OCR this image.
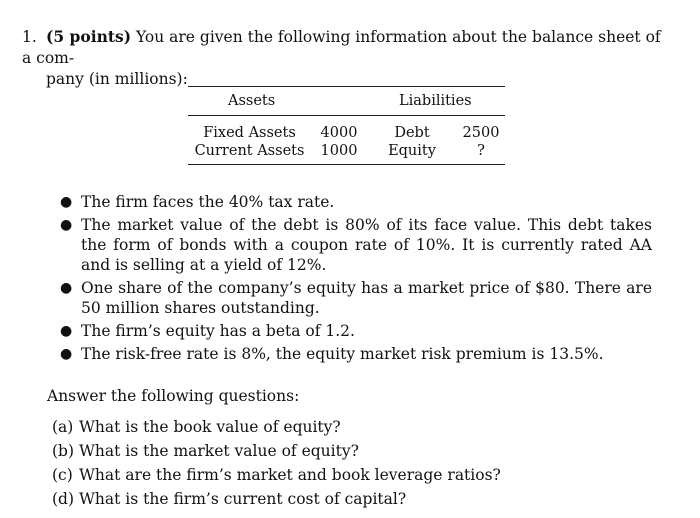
1. (5 points) You are given the following information about the balance sheet of a com-
pany (in millions):
Assets		Liabilities	

Fixed Assets	4000	Debt	2500
Current Assets	1000	Equity	?
● The firm faces the 40% tax rate.
● The market value of the debt is 80% of its face value. This debt takes the form of bonds with a coupon rate of 10%. It is currently rated AA and is selling at a yield of 12%.
● One share of the company’s equity has a market price of $80. There are 50 million shares outstanding.
● The firm’s equity has a beta of 1.2.
● The risk-free rate is 8%, the equity market risk premium is 13.5%.
Answer the following questions:
(a) What is the book value of equity?
(b) What is the market value of equity?
(c) What are the firm’s market and book leverage ratios?
(d) What is the firm’s current cost of capital?
